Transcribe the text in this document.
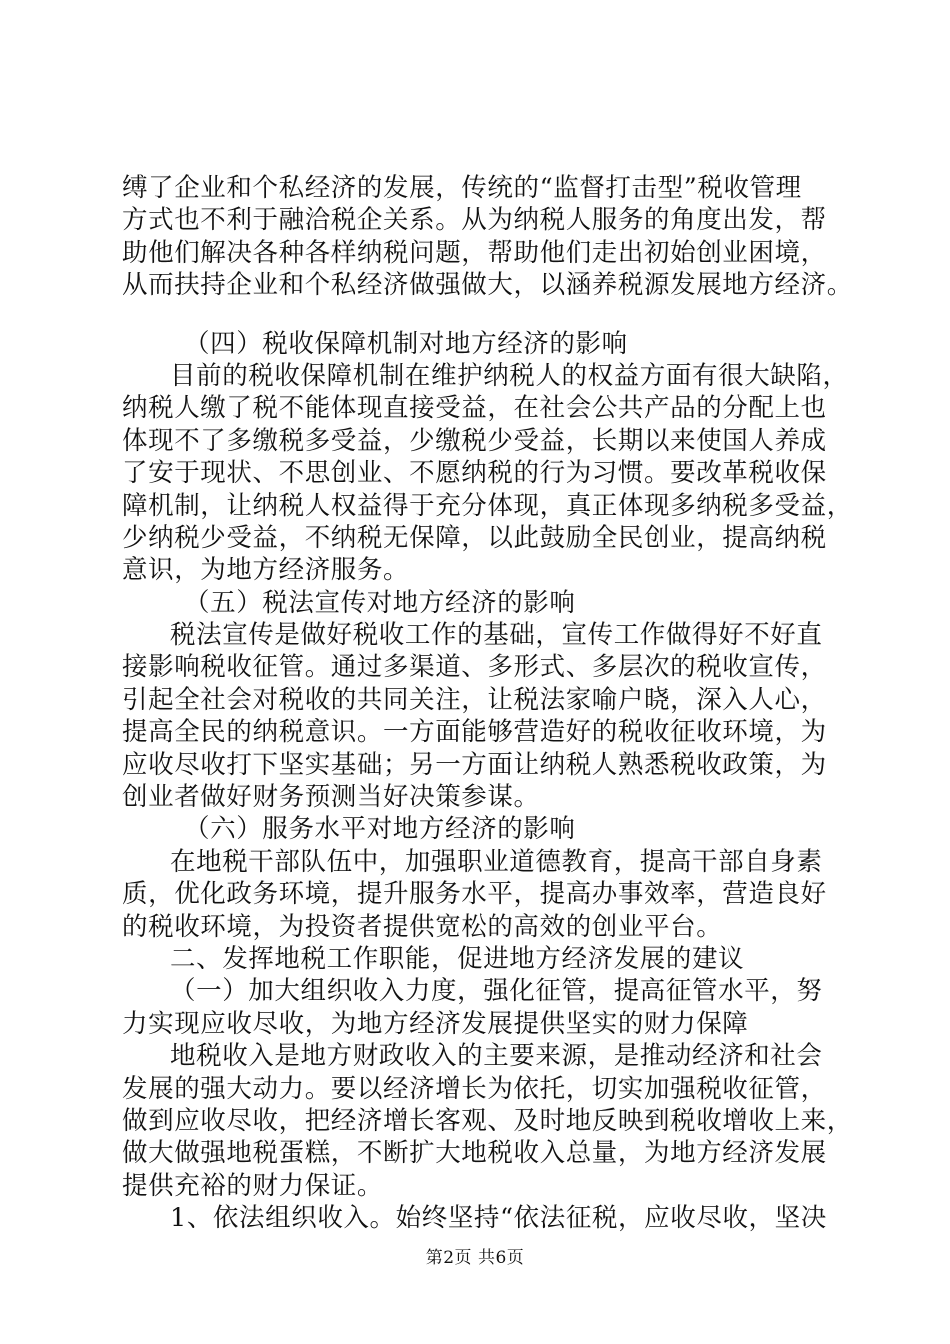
缚了企业和个私经济的发展，传统的“监督打击型”税收管理
方式也不利于融洽税企关系。从为纳税人服务的角度出发，帮
助他们解决各种各样纳税问题，帮助他们走出初始创业困境，
从而扶持企业和个私经济做强做大，以涵养税源发展地方经济。
（四）税收保障机制对地方经济的影响
目前的税收保障机制在维护纳税人的权益方面有很大缺陷，
纳税人缴了税不能体现直接受益，在社会公共产品的分配上也
体现不了多缴税多受益，少缴税少受益，长期以来使国人养成
了安于现状、不思创业、不愿纳税的行为习惯。要改革税收保
障机制，让纳税人权益得于充分体现，真正体现多纳税多受益，
少纳税少受益，不纳税无保障，以此鼓励全民创业，提高纳税
意识，为地方经济服务。
（五）税法宣传对地方经济的影响
税法宣传是做好税收工作的基础，宣传工作做得好不好直
接影响税收征管。通过多渠道、多形式、多层次的税收宣传，
引起全社会对税收的共同关注，让税法家喻户晓，深入人心，
提高全民的纳税意识。一方面能够营造好的税收征收环境，为
应收尽收打下坚实基础；另一方面让纳税人熟悉税收政策，为
创业者做好财务预测当好决策参谋。
（六）服务水平对地方经济的影响
在地税干部队伍中，加强职业道德教育，提高干部自身素
质，优化政务环境，提升服务水平，提高办事效率，营造良好
的税收环境，为投资者提供宽松的高效的创业平台。
二、发挥地税工作职能，促进地方经济发展的建议
（一）加大组织收入力度，强化征管，提高征管水平，努
力实现应收尽收，为地方经济发展提供坚实的财力保障
地税收入是地方财政收入的主要来源，是推动经济和社会
发展的强大动力。要以经济增长为依托，切实加强税收征管，
做到应收尽收，把经济增长客观、及时地反映到税收增收上来，
做大做强地税蛋糕，不断扩大地税收入总量，为地方经济发展
提供充裕的财力保证。
1、依法组织收入。始终坚持“依法征税，应收尽收，坚决
第2页 共6页
